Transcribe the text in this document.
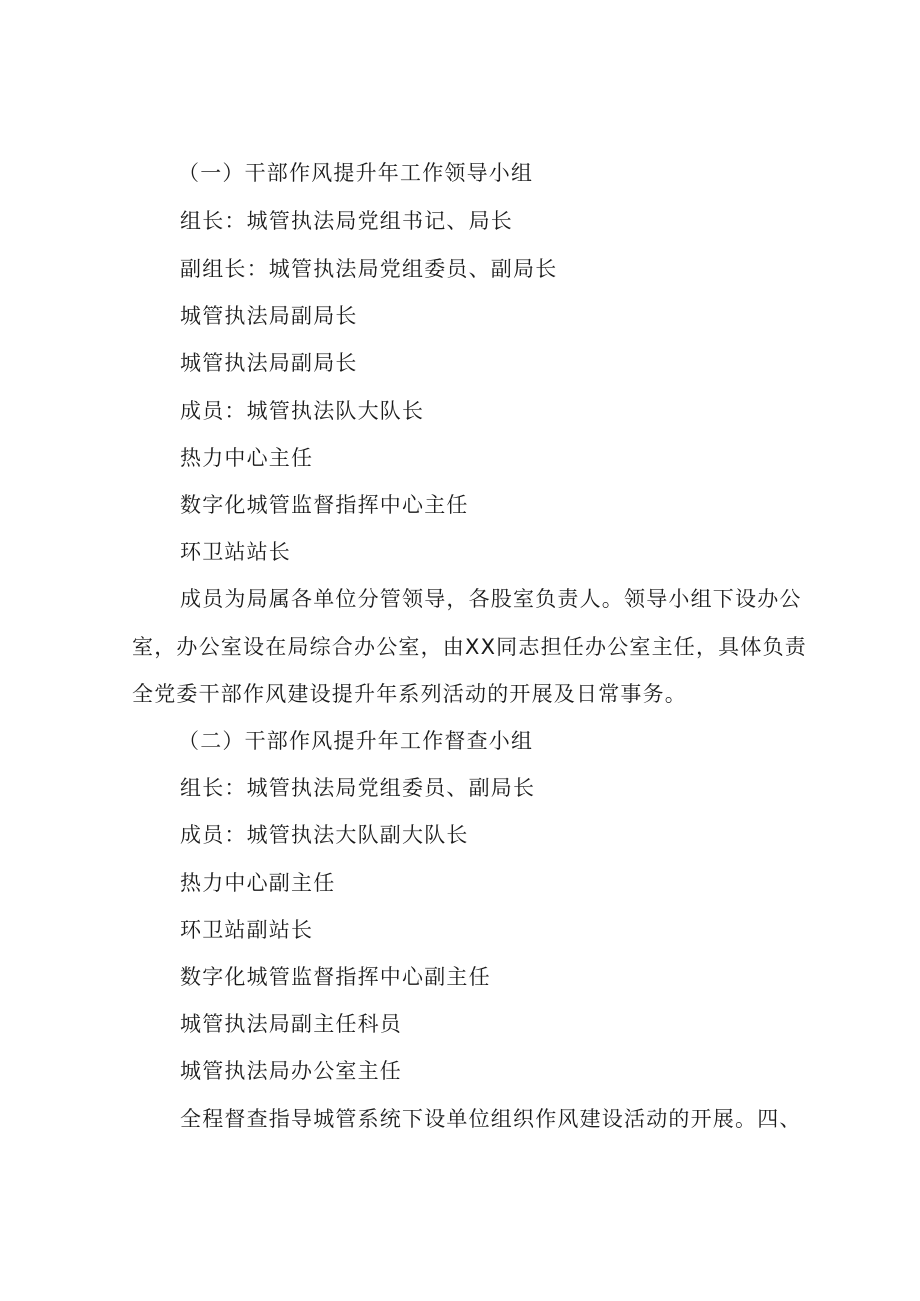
（一）干部作风提升年工作领导小组
组长：城管执法局党组书记、局长
副组长：城管执法局党组委员、副局长
城管执法局副局长
城管执法局副局长
成员：城管执法队大队长
热力中心主任
数字化城管监督指挥中心主任
环卫站站长
成员为局属各单位分管领导，各股室负责人。领导小组下设办公
室，办公室设在局综合办公室，由XX同志担任办公室主任，具体负责
全党委干部作风建设提升年系列活动的开展及日常事务。
（二）干部作风提升年工作督查小组
组长：城管执法局党组委员、副局长
成员：城管执法大队副大队长
热力中心副主任
环卫站副站长
数字化城管监督指挥中心副主任
城管执法局副主任科员
城管执法局办公室主任
全程督查指导城管系统下设单位组织作风建设活动的开展。四、
